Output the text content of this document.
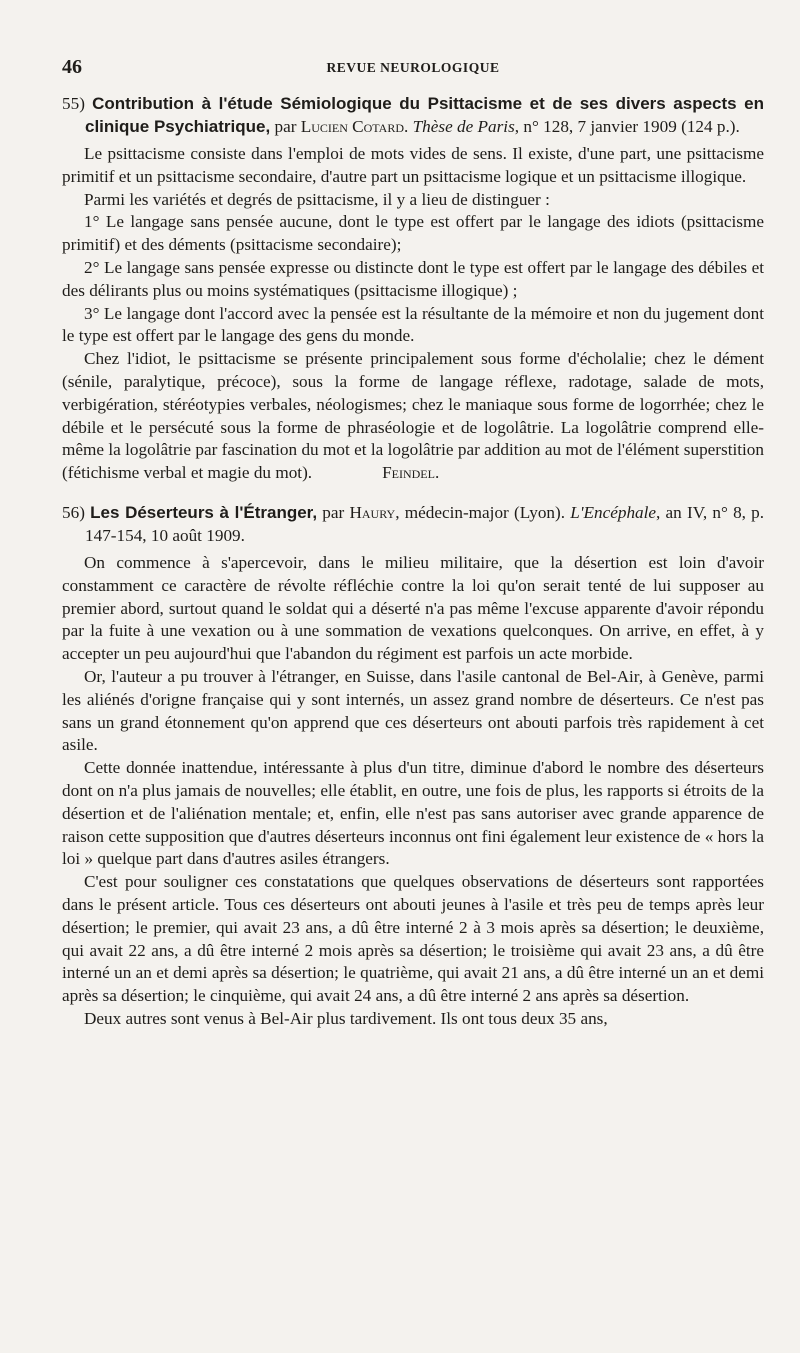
46	REVUE NEUROLOGIQUE

55) Contribution à l'étude Sémiologique du Psittacisme et de ses divers aspects en clinique Psychiatrique, par Lucien Cotard. Thèse de Paris, n° 128, 7 janvier 1909 (124 p.).

Le psittacisme consiste dans l'emploi de mots vides de sens. Il existe, d'une part, une psittacisme primitif et un psittacisme secondaire, d'autre part un psittacisme logique et un psittacisme illogique.

Parmi les variétés et degrés de psittacisme, il y a lieu de distinguer :

1° Le langage sans pensée aucune, dont le type est offert par le langage des idiots (psittacisme primitif) et des déments (psittacisme secondaire);

2° Le langage sans pensée expresse ou distincte dont le type est offert par le langage des débiles et des délirants plus ou moins systématiques (psittacisme illogique) ;

3° Le langage dont l'accord avec la pensée est la résultante de la mémoire et non du jugement dont le type est offert par le langage des gens du monde.

Chez l'idiot, le psittacisme se présente principalement sous forme d'écholalie; chez le dément (sénile, paralytique, précoce), sous la forme de langage réflexe, radotage, salade de mots, verbigération, stéréotypies verbales, néologismes; chez le maniaque sous forme de logorrhée; chez le débile et le persécuté sous la forme de phraséologie et de logolâtrie. La logolâtrie comprend elle-même la logolâtrie par fascination du mot et la logolâtrie par addition au mot de l'élément superstition (fétichisme verbal et magie du mot).	Feindel.

56) Les Déserteurs à l'Étranger, par Haury, médecin-major (Lyon). L'Encéphale, an IV, n° 8, p. 147-154, 10 août 1909.

On commence à s'apercevoir, dans le milieu militaire, que la désertion est loin d'avoir constamment ce caractère de révolte réfléchie contre la loi qu'on serait tenté de lui supposer au premier abord, surtout quand le soldat qui a déserté n'a pas même l'excuse apparente d'avoir répondu par la fuite à une vexation ou à une sommation de vexations quelconques. On arrive, en effet, à y accepter un peu aujourd'hui que l'abandon du régiment est parfois un acte morbide.

Or, l'auteur a pu trouver à l'étranger, en Suisse, dans l'asile cantonal de Bel-Air, à Genève, parmi les aliénés d'origne française qui y sont internés, un assez grand nombre de déserteurs. Ce n'est pas sans un grand étonnement qu'on apprend que ces déserteurs ont abouti parfois très rapidement à cet asile.

Cette donnée inattendue, intéressante à plus d'un titre, diminue d'abord le nombre des déserteurs dont on n'a plus jamais de nouvelles; elle établit, en outre, une fois de plus, les rapports si étroits de la désertion et de l'aliénation mentale; et, enfin, elle n'est pas sans autoriser avec grande apparence de raison cette supposition que d'autres déserteurs inconnus ont fini également leur existence de « hors la loi » quelque part dans d'autres asiles étrangers.

C'est pour souligner ces constatations que quelques observations de déserteurs sont rapportées dans le présent article. Tous ces déserteurs ont abouti jeunes à l'asile et très peu de temps après leur désertion; le premier, qui avait 23 ans, a dû être interné 2 à 3 mois après sa désertion; le deuxième, qui avait 22 ans, a dû être interné 2 mois après sa désertion; le troisième qui avait 23 ans, a dû être interné un an et demi après sa désertion; le quatrième, qui avait 21 ans, a dû être interné un an et demi après sa désertion; le cinquième, qui avait 24 ans, a dû être interné 2 ans après sa désertion.

Deux autres sont venus à Bel-Air plus tardivement. Ils ont tous deux 35 ans,
